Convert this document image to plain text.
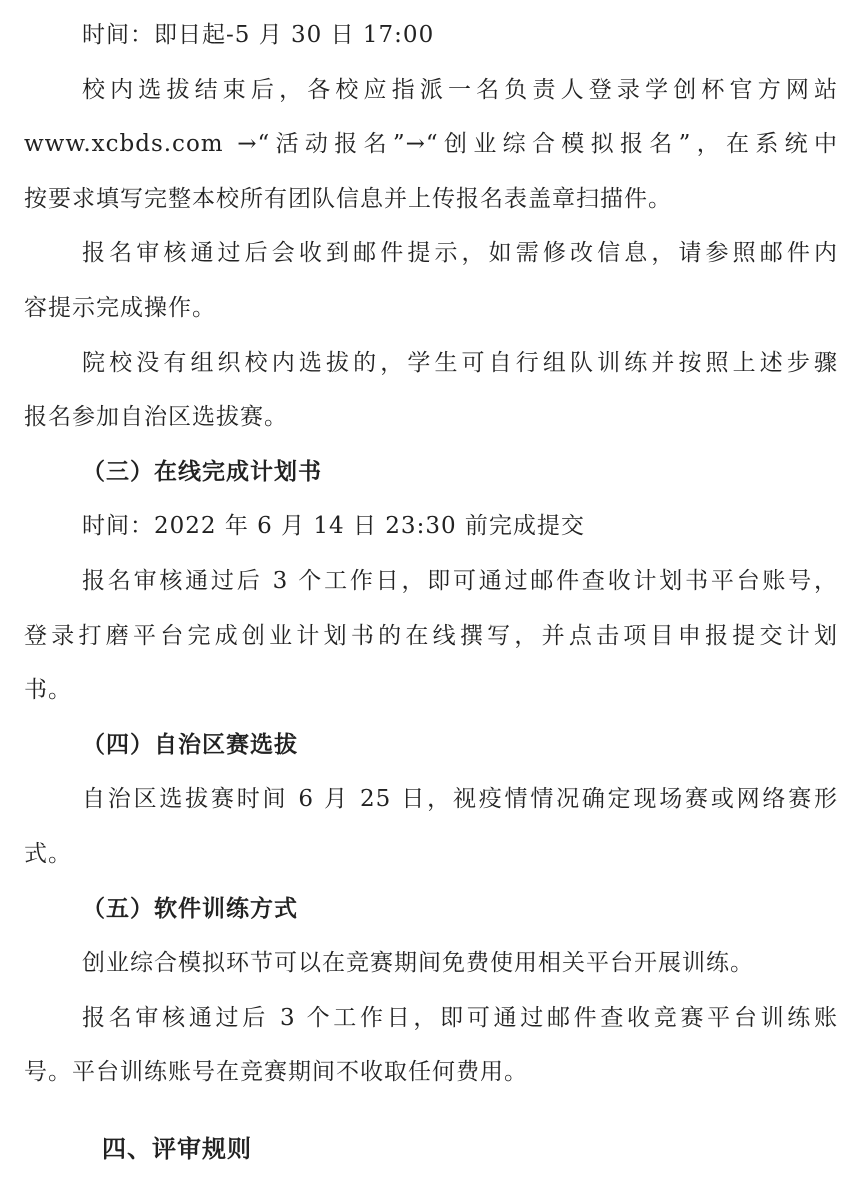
时间：即日起-5 月 30 日 17:00
校内选拔结束后，各校应指派一名负责人登录学创杯官方网站
www.xcbds.com →“活动报名”→“创业综合模拟报名”，在系统中
按要求填写完整本校所有团队信息并上传报名表盖章扫描件。
报名审核通过后会收到邮件提示，如需修改信息，请参照邮件内
容提示完成操作。
院校没有组织校内选拔的，学生可自行组队训练并按照上述步骤
报名参加自治区选拔赛。
（三）在线完成计划书
时间：2022 年 6 月 14 日 23:30 前完成提交
报名审核通过后 3 个工作日，即可通过邮件查收计划书平台账号，
登录打磨平台完成创业计划书的在线撰写，并点击项目申报提交计划
书。
（四）自治区赛选拔
自治区选拔赛时间 6 月 25 日，视疫情情况确定现场赛或网络赛形
式。
（五）软件训练方式
创业综合模拟环节可以在竞赛期间免费使用相关平台开展训练。
报名审核通过后 3 个工作日，即可通过邮件查收竞赛平台训练账
号。平台训练账号在竞赛期间不收取任何费用。
四、评审规则
